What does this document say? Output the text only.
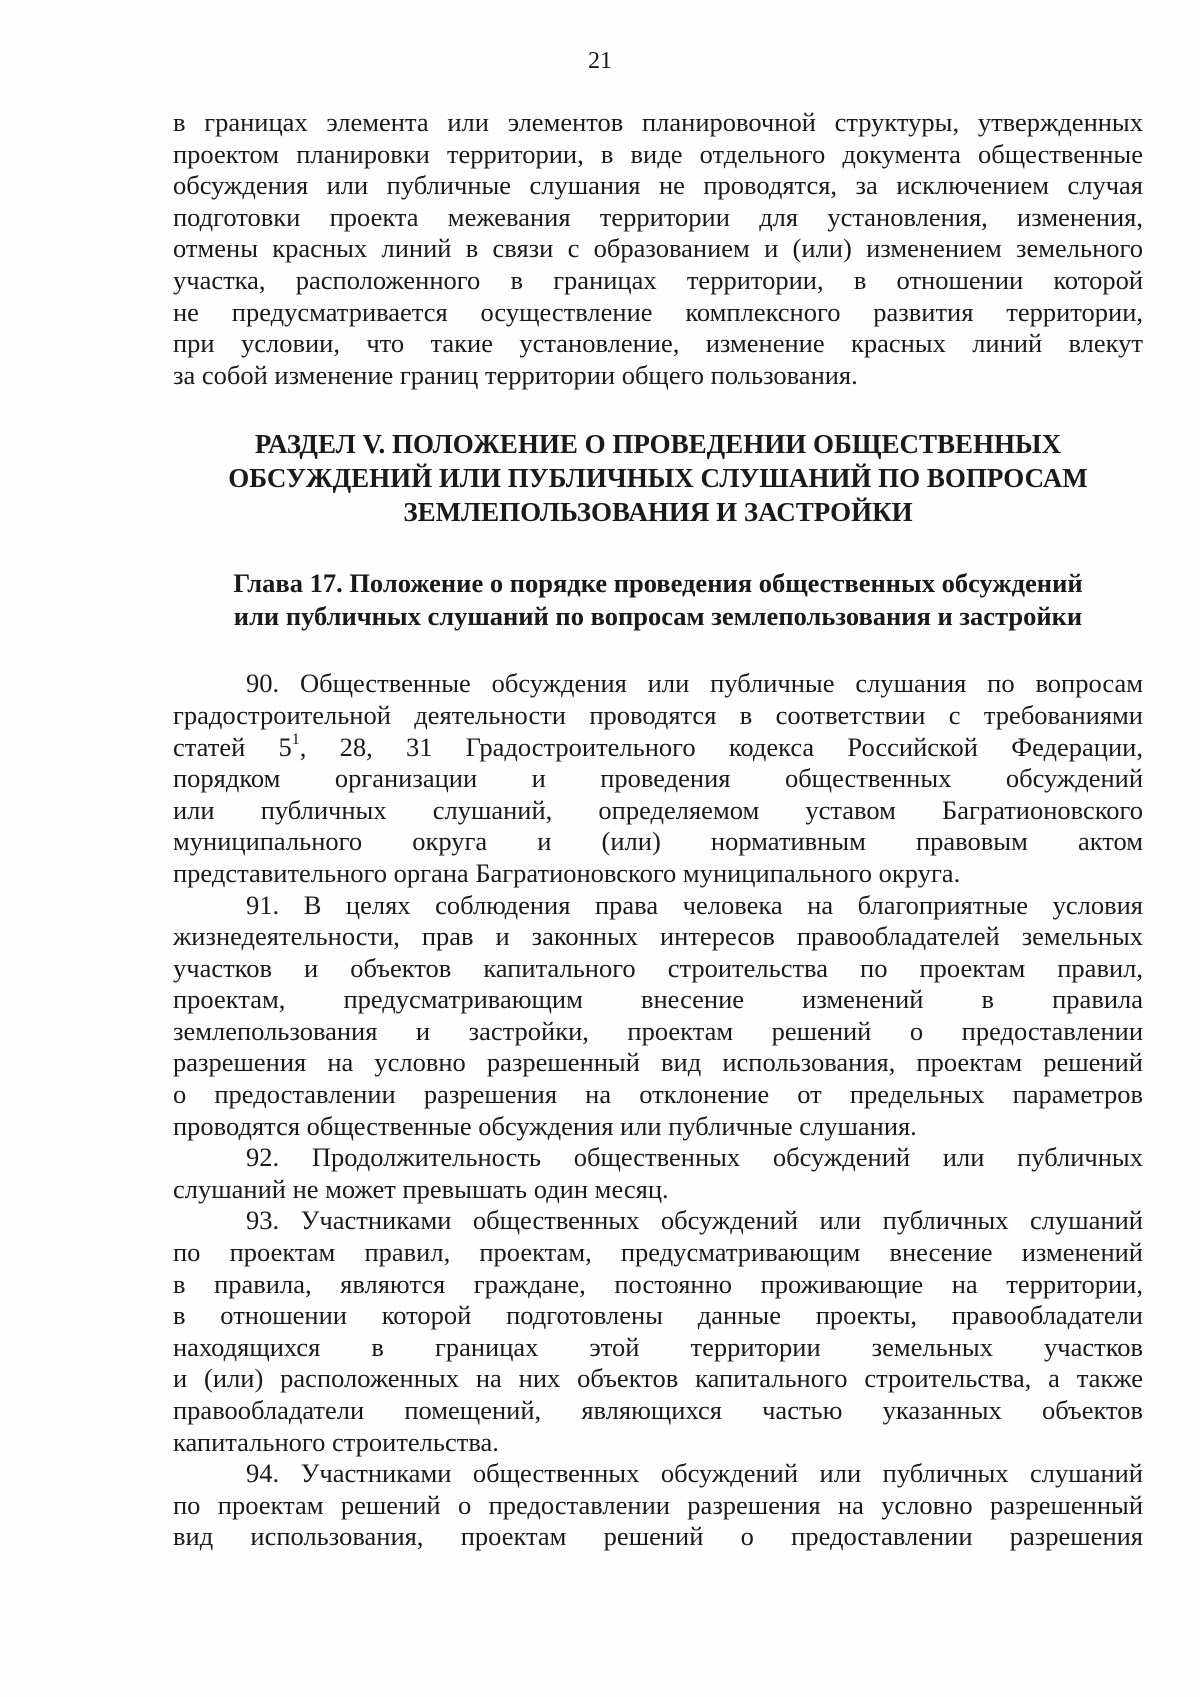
21

в границах элемента или элементов планировочной структуры, утвержденных
проектом планировки территории, в виде отдельного документа общественные
обсуждения или публичные слушания не проводятся, за исключением случая
подготовки проекта межевания территории для установления, изменения,
отмены красных линий в связи с образованием и (или) изменением земельного
участка, расположенного в границах территории, в отношении которой
не предусматривается осуществление комплексного развития территории,
при условии, что такие установление, изменение красных линий влекут
за собой изменение границ территории общего пользования.

РАЗДЕЛ V. ПОЛОЖЕНИЕ О ПРОВЕДЕНИИ ОБЩЕСТВЕННЫХ
ОБСУЖДЕНИЙ ИЛИ ПУБЛИЧНЫХ СЛУШАНИЙ ПО ВОПРОСАМ
ЗЕМЛЕПОЛЬЗОВАНИЯ И ЗАСТРОЙКИ
Глава 17. Положение о порядке проведения общественных обсуждений
или публичных слушаний по вопросам землепользования и застройки

90. Общественные обсуждения или публичные слушания по вопросам
градостроительной деятельности проводятся в соответствии с требованиями
статей $5^1$, 28, 31 Градостроительного кодекса Российской Федерации,
порядком организации и проведения общественных обсуждений
или публичных слушаний, определяемом уставом Багратионовского
муниципального округа и (или) нормативным правовым актом
представительного органа Багратионовского муниципального округа.

91. В целях соблюдения права человека на благоприятные условия
жизнедеятельности, прав и законных интересов правообладателей земельных
участков и объектов капитального строительства по проектам правил,
проектам, предусматривающим внесение изменений в правила
землепользования и застройки, проектам решений о предоставлении
разрешения на условно разрешенный вид использования, проектам решений
о предоставлении разрешения на отклонение от предельных параметров
проводятся общественные обсуждения или публичные слушания.

92. Продолжительность общественных обсуждений или публичных
слушаний не может превышать один месяц.

93. Участниками общественных обсуждений или публичных слушаний
по проектам правил, проектам, предусматривающим внесение изменений
в правила, являются граждане, постоянно проживающие на территории,
в отношении которой подготовлены данные проекты, правообладатели
находящихся в границах этой территории земельных участков
и (или) расположенных на них объектов капитального строительства, а также
правообладатели помещений, являющихся частью указанных объектов
капитального строительства.

94. Участниками общественных обсуждений или публичных слушаний
по проектам решений о предоставлении разрешения на условно разрешенный
вид использования, проектам решений о предоставлении разрешения
